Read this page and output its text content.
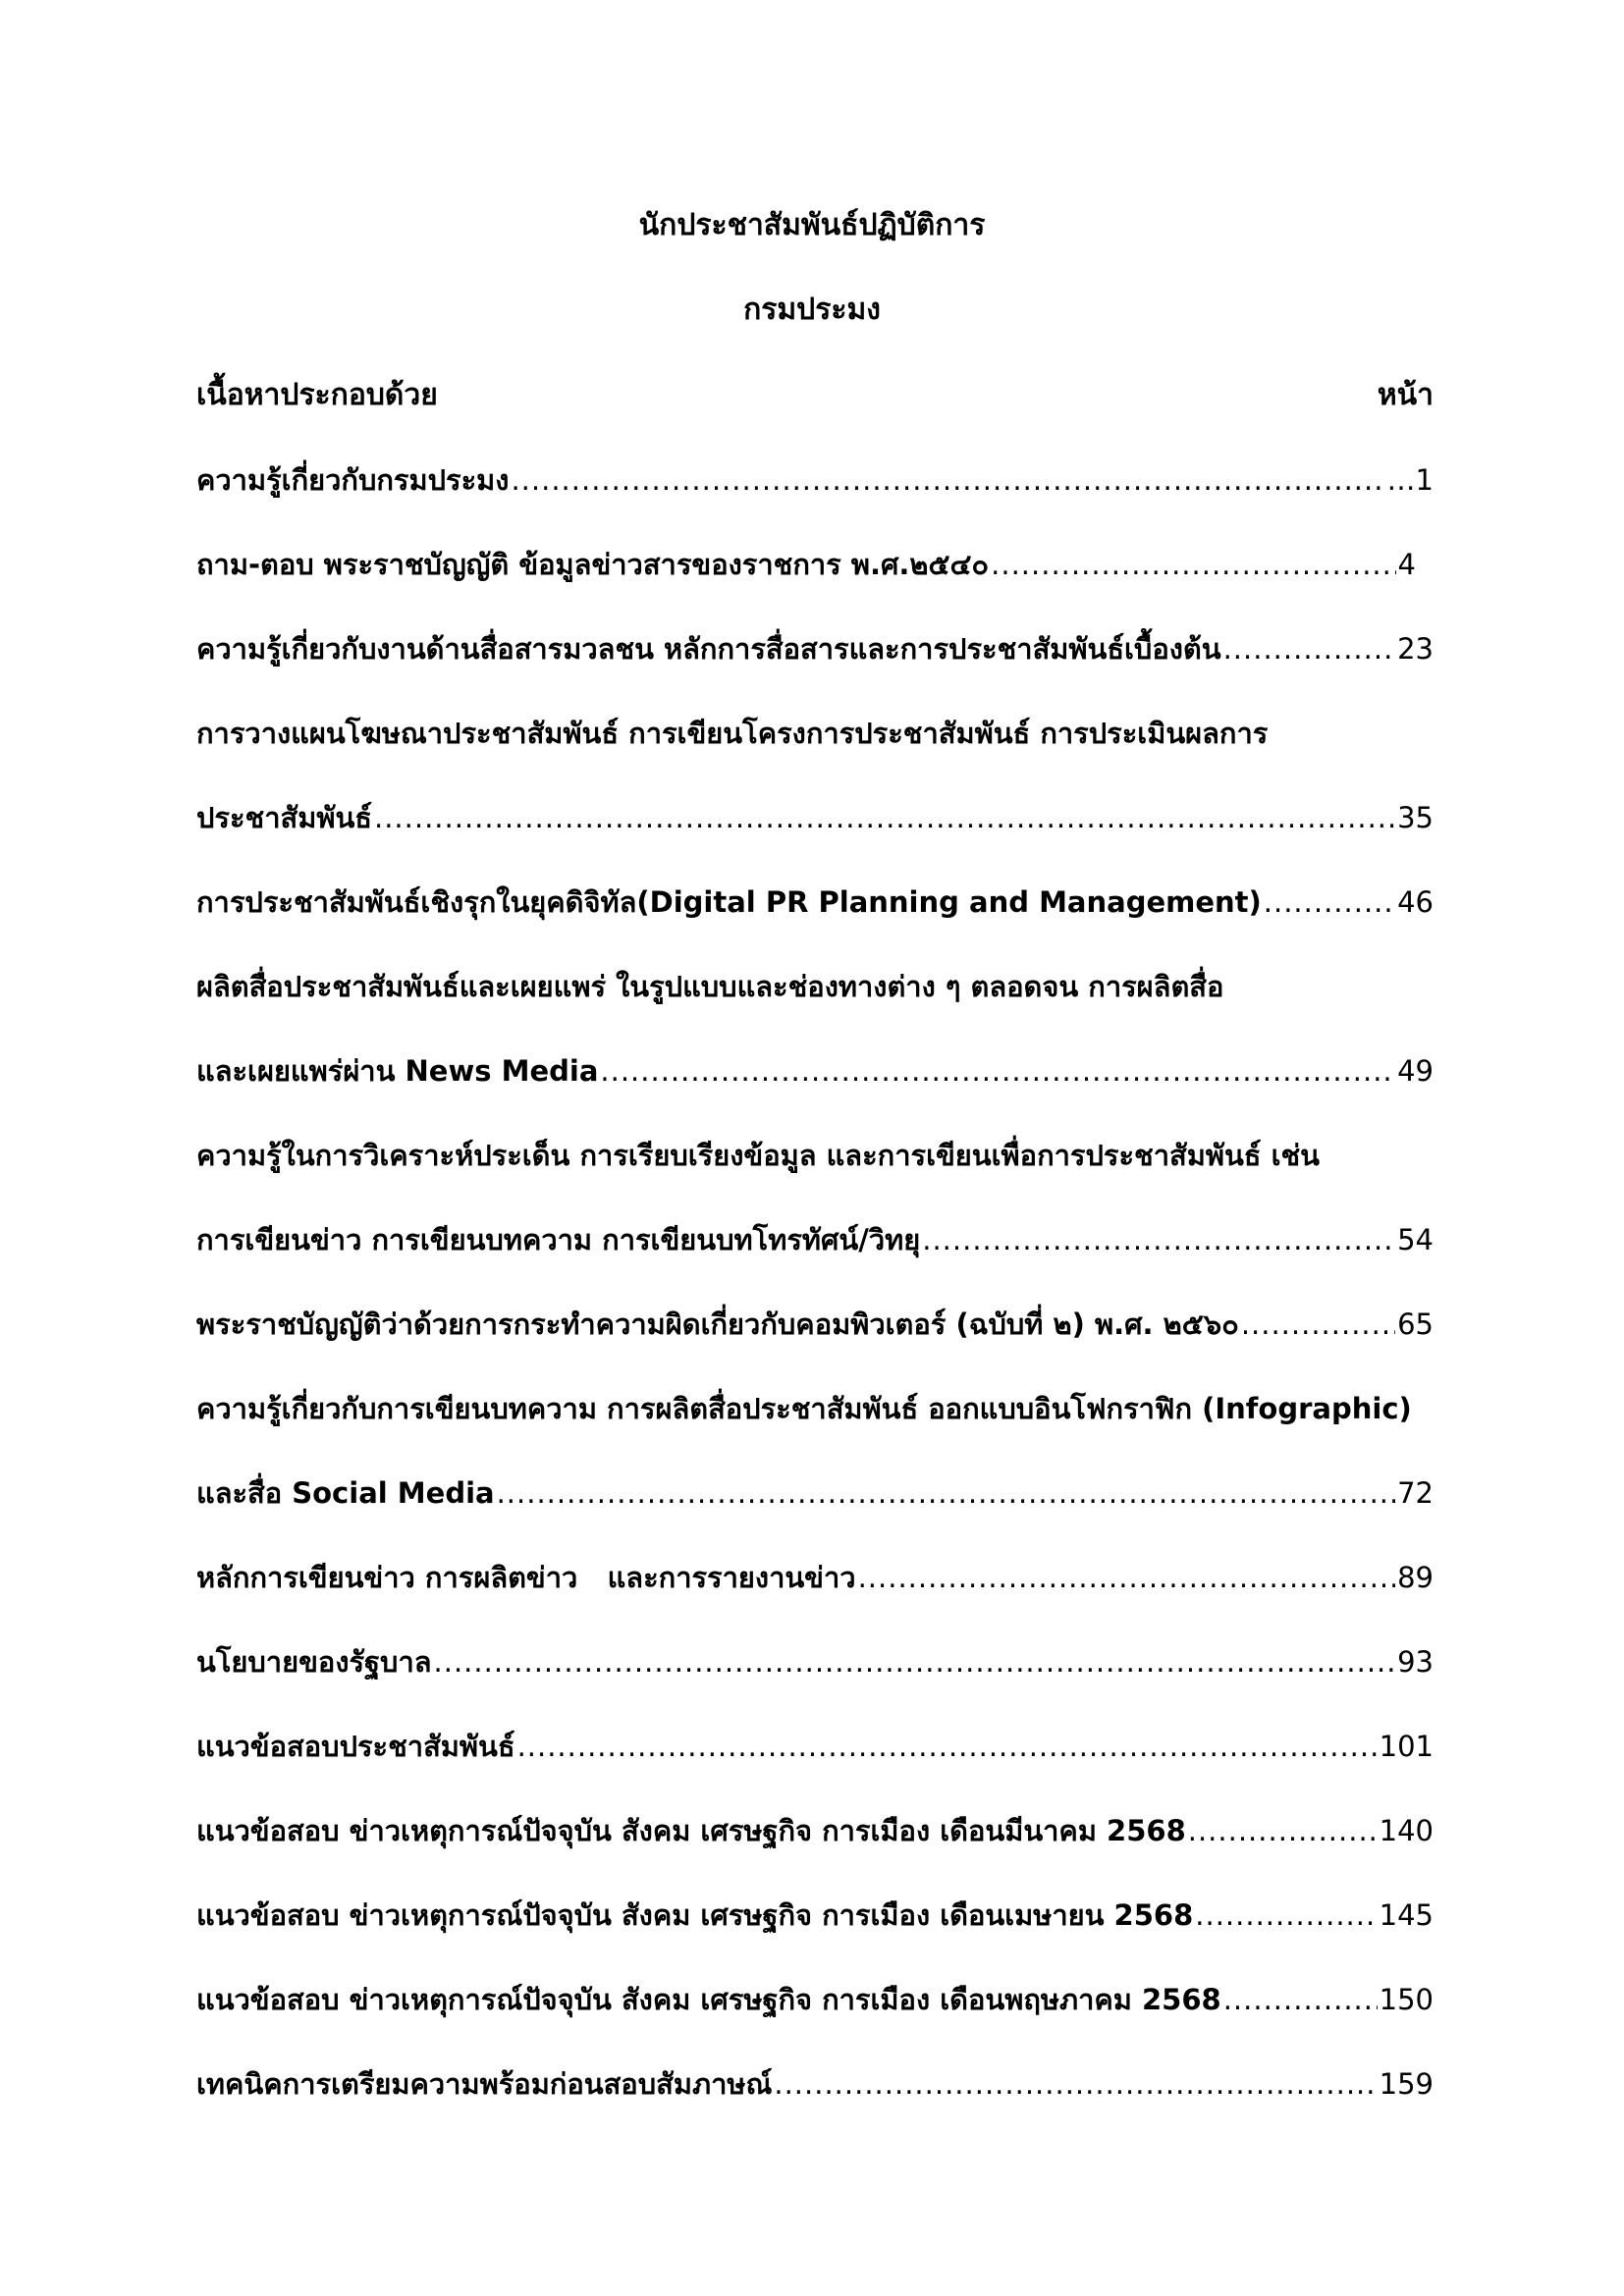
นักประชาสัมพันธ์ปฏิบัติการ
กรมประมง
เนื้อหาประกอบด้วย	หน้า
ความรู้เกี่ยวกับกรมประมง .....	…1
ถาม-ตอบ พระราชบัญญัติ ข้อมูลข่าวสารของราชการ พ.ศ.๒๕๔๐ .....	4
ความรู้เกี่ยวกับงานด้านสื่อสารมวลชน หลักการสื่อสารและการประชาสัมพันธ์เบื้องต้น .....	23
การวางแผนโฆษณาประชาสัมพันธ์ การเขียนโครงการประชาสัมพันธ์ การประเมินผลการ
ประชาสัมพันธ์ .....	35
การประชาสัมพันธ์เชิงรุกในยุคดิจิทัล(Digital PR Planning and Management) .....	46
ผลิตสื่อประชาสัมพันธ์และเผยแพร่ ในรูปแบบและช่องทางต่าง ๆ ตลอดจน การผลิตสื่อ
และเผยแพร่ผ่าน News Media .....	49
ความรู้ในการวิเคราะห์ประเด็น การเรียบเรียงข้อมูล และการเขียนเพื่อการประชาสัมพันธ์ เช่น
การเขียนข่าว การเขียนบทความ การเขียนบทโทรทัศน์/วิทยุ .....	54
พระราชบัญญัติว่าด้วยการกระทำความผิดเกี่ยวกับคอมพิวเตอร์ (ฉบับที่ ๒) พ.ศ. ๒๕๖๐ .....	65
ความรู้เกี่ยวกับการเขียนบทความ การผลิตสื่อประชาสัมพันธ์ ออกแบบอินโฟกราฟิก (Infographic)
และสื่อ Social Media .....	72
หลักการเขียนข่าว การผลิตข่าว   และการรายงานข่าว .....	89
นโยบายของรัฐบาล .....	93
แนวข้อสอบประชาสัมพันธ์ .....	101
แนวข้อสอบ ข่าวเหตุการณ์ปัจจุบัน สังคม เศรษฐกิจ การเมือง เดือนมีนาคม 2568 .....	140
แนวข้อสอบ ข่าวเหตุการณ์ปัจจุบัน สังคม เศรษฐกิจ การเมือง เดือนเมษายน 2568 .....	145
แนวข้อสอบ ข่าวเหตุการณ์ปัจจุบัน สังคม เศรษฐกิจ การเมือง เดือนพฤษภาคม 2568 .....	150
เทคนิคการเตรียมความพร้อมก่อนสอบสัมภาษณ์ .....	159
